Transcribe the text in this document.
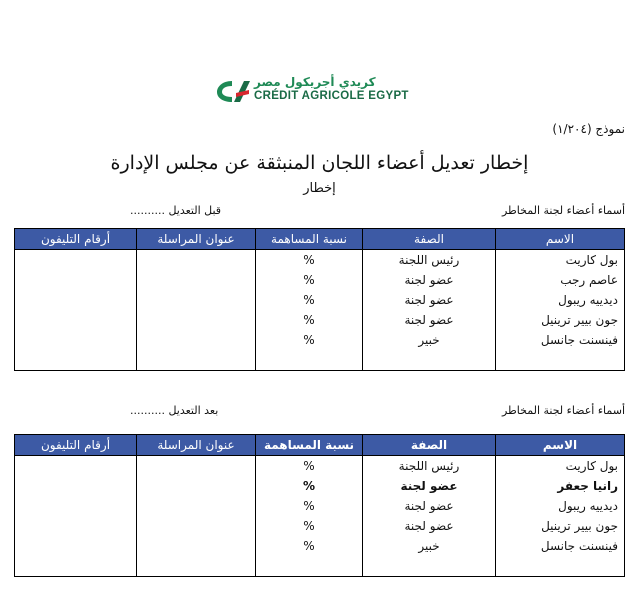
كريدي أجريكول مصر
CRÉDIT AGRICOLE EGYPT
نموذج (١/٢٠٤)
إخطار تعديل أعضاء اللجان المنبثقة عن مجلس الإدارة
إخطار
أسماء أعضاء لجنة المخاطر
قبل التعديل ..........
الاسم	الصفة	نسبة المساهمة	عنوان المراسلة	أرقام التليفون
بول كاريت	رئيس اللجنة	%		
عاصم رجب	عضو لجنة	%		
ديدييه ريبول	عضو لجنة	%		
جون بيير ترينيل	عضو لجنة	%		
فينسنت جانسل	خبير	%		

أسماء أعضاء لجنة المخاطر
بعد التعديل ..........
الاسم	الصفة	نسبة المساهمة	عنوان المراسلة	أرقام التليفون
بول كاريت	رئيس اللجنة	%		
رانيا جعفر	عضو لجنة	%		
ديدييه ريبول	عضو لجنة	%		
جون بيير ترينيل	عضو لجنة	%		
فينسنت جانسل	خبير	%		
